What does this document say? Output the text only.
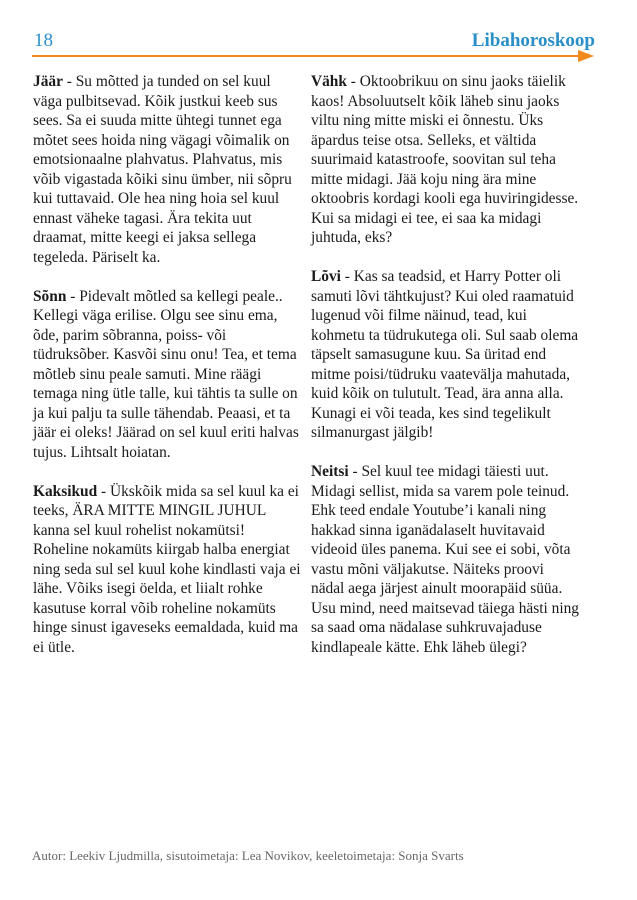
18	Libahoroskoop

Jäär - Su mõtted ja tunded on sel kuul väga pulbitsevad. Kõik justkui keeb sus sees. Sa ei suuda mitte ühtegi tunnet ega mõtet sees hoida ning vägagi võimalik on emotsionaalne plahvatus. Plahvatus, mis võib vigastada kõiki sinu ümber, nii sõpru kui tuttavaid. Ole hea ning hoia sel kuul ennast väheke tagasi. Ära tekita uut draamat, mitte keegi ei jaksa sellega tegeleda. Päriselt ka.

Sõnn - Pidevalt mõtled sa kellegi peale.. Kellegi väga erilise. Olgu see sinu ema, õde, parim sõbranna, poiss- või tüdruksõber. Kasvõi sinu onu! Tea, et tema mõtleb sinu peale samuti. Mine räägi temaga ning ütle talle, kui tähtis ta sulle on ja kui palju ta sulle tähendab. Peaasi, et ta jäär ei oleks! Jäärad on sel kuul eriti halvas tujus. Lihtsalt hoiatan.

Kaksikud - Ükskõik mida sa sel kuul ka ei teeks, ÄRA MITTE MINGIL JUHUL kanna sel kuul rohelist nokamütsi! Roheline nokamüts kiirgab halba energiat ning seda sul sel kuul kohe kindlasti vaja ei lähe. Võiks isegi öelda, et liialt rohke kasutuse korral võib roheline nokamüts hinge sinust igaveseks eemaldada, kuid ma ei ütle.

Vähk - Oktoobrikuu on sinu jaoks täielik kaos! Absoluutselt kõik läheb sinu jaoks viltu ning mitte miski ei õnnestu. Üks äpardus teise otsa. Selleks, et vältida suurimaid katastroofe, soovitan sul teha mitte midagi. Jää koju ning ära mine oktoobris kordagi kooli ega huviringidesse. Kui sa midagi ei tee, ei saa ka midagi juhtuda, eks?

Lõvi - Kas sa teadsid, et Harry Potter oli samuti lõvi tähtkujust? Kui oled raamatuid lugenud või filme näinud, tead, kui kohmetu ta tüdrukutega oli. Sul saab olema täpselt samasugune kuu. Sa üritad end mitme poisi/tüdruku vaatevälja mahutada, kuid kõik on tulutult. Tead, ära anna alla. Kunagi ei või teada, kes sind tegelikult silmanurgast jälgib!

Neitsi - Sel kuul tee midagi täiesti uut. Midagi sellist, mida sa varem pole teinud. Ehk teed endale Youtube’i kanali ning hakkad sinna iganädalaselt huvitavaid videoid üles panema. Kui see ei sobi, võta vastu mõni väljakutse. Näiteks proovi nädal aega järjest ainult moorapäid süüa. Usu mind, need maitsevad täiega hästi ning sa saad oma nädalase suhkruvajaduse kindlapeale kätte. Ehk läheb ülegi?

Autor: Leekiv Ljudmilla, sisutoimetaja: Lea Novikov, keeletoimetaja: Sonja Svarts
